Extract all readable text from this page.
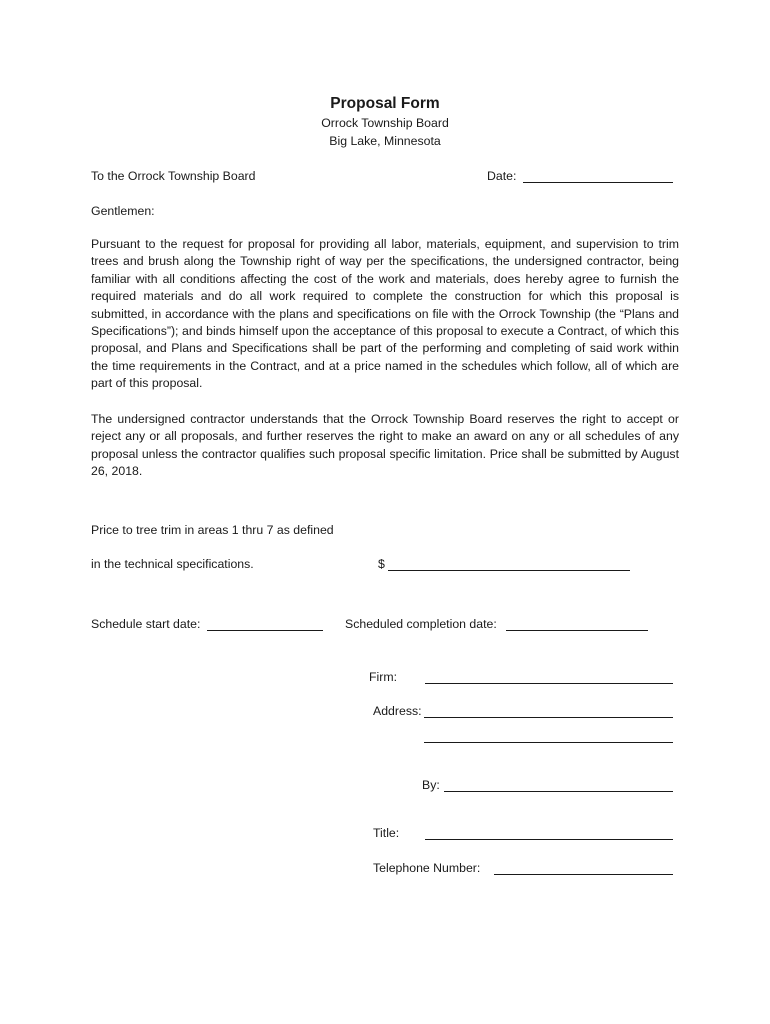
Proposal Form
Orrock Township Board
Big Lake, Minnesota
To the Orrock Township Board	Date:
Gentlemen:
Pursuant to the request for proposal for providing all labor, materials, equipment, and supervision to trim trees and brush along the Township right of way per the specifications, the undersigned contractor, being familiar with all conditions affecting the cost of the work and materials, does hereby agree to furnish the required materials and do all work required to complete the construction for which this proposal is submitted, in accordance with the plans and specifications on file with the Orrock Township (the “Plans and Specifications”); and binds himself upon the acceptance of this proposal to execute a Contract, of which this proposal, and Plans and Specifications shall be part of the performing and completing of said work within the time requirements in the Contract, and at a price named in the schedules which follow, all of which are part of this proposal.
The undersigned contractor understands that the Orrock Township Board reserves the right to accept or reject any or all proposals, and further reserves the right to make an award on any or all schedules of any proposal unless the contractor qualifies such proposal specific limitation. Price shall be submitted by August 26, 2018.
Price to tree trim in areas 1 thru 7 as defined
in the technical specifications.	$
Schedule start date:	Scheduled completion date:
Firm:
Address:
By:
Title:
Telephone Number:
